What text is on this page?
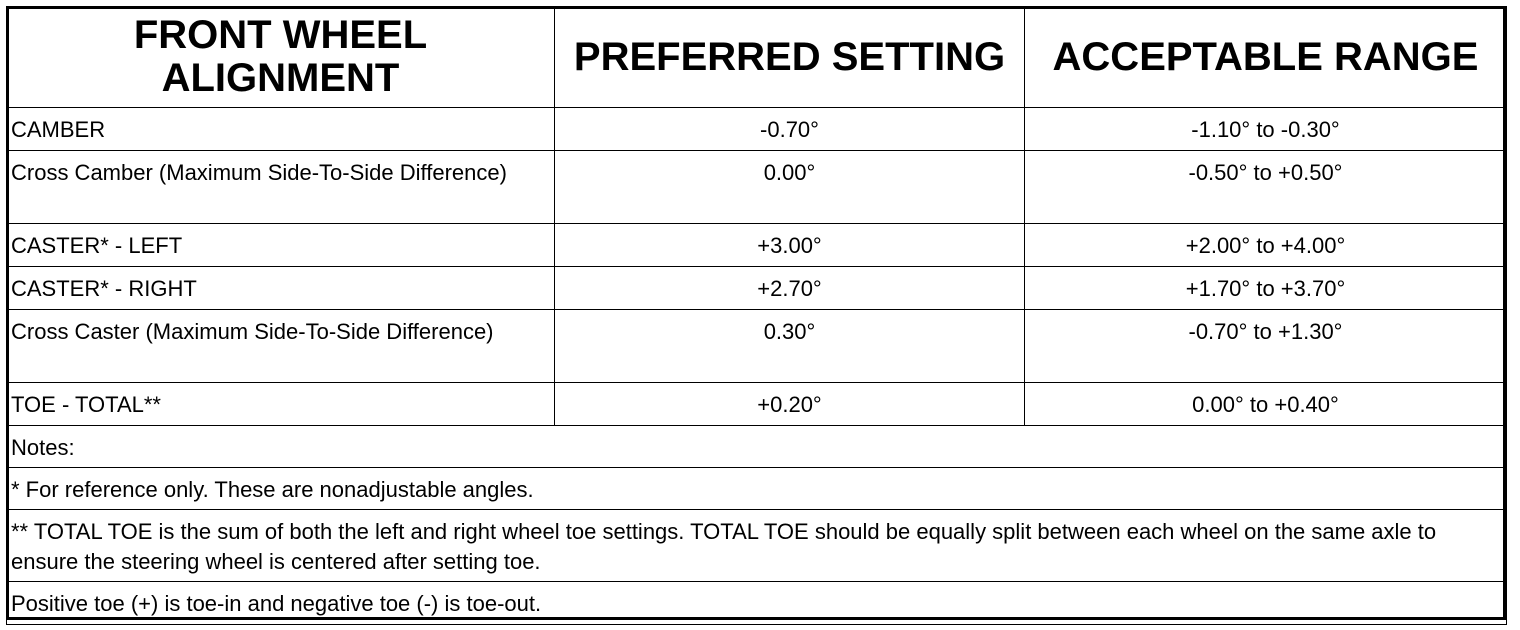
FRONT WHEEL
ALIGNMENT	PREFERRED SETTING	ACCEPTABLE RANGE
CAMBER	-0.70°	-1.10° to -0.30°
Cross Camber (Maximum Side-To-Side Difference)	0.00°	-0.50° to +0.50°
CASTER* - LEFT	+3.00°	+2.00° to +4.00°
CASTER* - RIGHT	+2.70°	+1.70° to +3.70°
Cross Caster (Maximum Side-To-Side Difference)	0.30°	-0.70° to +1.30°
TOE - TOTAL**	+0.20°	0.00° to +0.40°
Notes:		
* For reference only. These are nonadjustable angles.		
** TOTAL TOE is the sum of both the left and right wheel toe settings. TOTAL TOE should be equally split between each wheel on the same axle to ensure the steering wheel is centered after setting toe.		
Positive toe (+) is toe-in and negative toe (-) is toe-out.		
